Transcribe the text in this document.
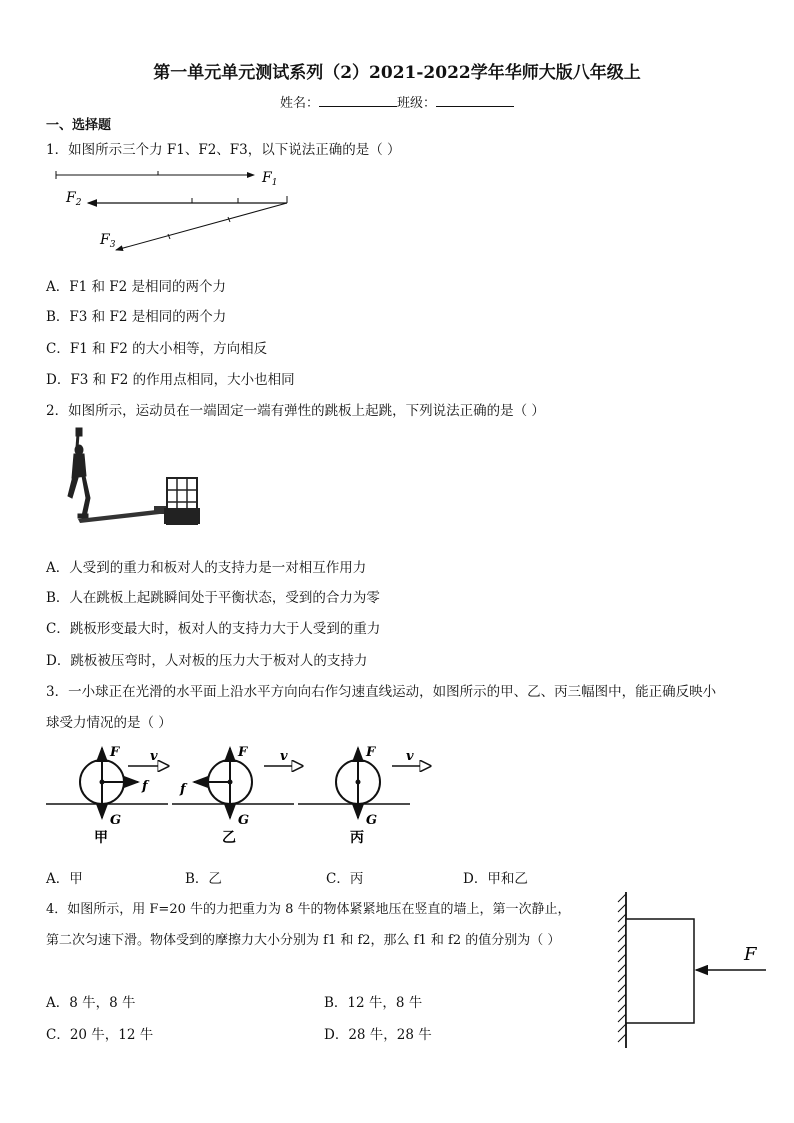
第一单元单元测试系列（2）2021-2022学年华师大版八年级上
姓名：	班级：
一、选择题
1．如图所示三个力 F1、F2、F3，以下说法正确的是（ ）
$F_1$
$F_2$
$F_3$
A．F1 和 F2 是相同的两个力
B．F3 和 F2 是相同的两个力
C．F1 和 F2 的大小相等，方向相反
D．F3 和 F2 的作用点相同，大小也相同
2．如图所示，运动员在一端固定一端有弹性的跳板上起跳，下列说法正确的是（ ）
A．人受到的重力和板对人的支持力是一对相互作用力
B．人在跳板上起跳瞬间处于平衡状态，受到的合力为零
C．跳板形变最大时，板对人的支持力大于人受到的重力
D．跳板被压弯时，人对板的压力大于板对人的支持力
3．一小球正在光滑的水平面上沿水平方向向右作匀速直线运动，如图所示的甲、乙、丙三幅图中，能正确反映小
球受力情况的是（ ）
F v
f
G
甲
F	v
f
G
乙
F v
G
丙
A．甲	B．乙	C．丙	D．甲和乙
4．如图所示，用 F=20 牛的力把重力为 8 牛的物体紧紧地压在竖直的墙上，第一次静止，
第二次匀速下滑。物体受到的摩擦力大小分别为 f1 和 f2，那么 f1 和 f2 的值分别为（ ）
F
A．8 牛，8 牛	B．12 牛，8 牛
C．20 牛，12 牛	D．28 牛，28 牛
